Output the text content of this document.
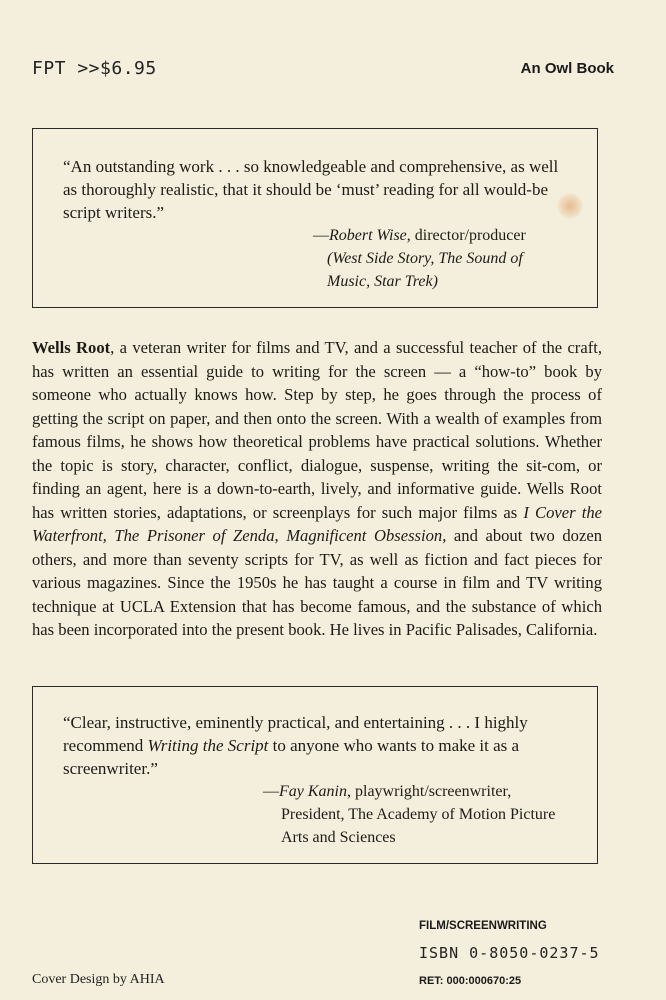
FPT >>$6.95	An Owl Book

“An outstanding work . . . so knowledgeable and comprehensive, as well as thoroughly realistic, that it should be ‘must’ reading for all would-be script writers.”

—Robert Wise, director/producer
(West Side Story, The Sound of Music, Star Trek)

Wells Root, a veteran writer for films and TV, and a successful teacher of the craft, has written an essential guide to writing for the screen — a “how-to” book by someone who actually knows how. Step by step, he goes through the process of getting the script on paper, and then onto the screen. With a wealth of examples from famous films, he shows how theoretical problems have practical solutions. Whether the topic is story, character, conflict, dialogue, suspense, writing the sit-com, or finding an agent, here is a down-to-earth, lively, and informative guide. Wells Root has written stories, adaptations, or screenplays for such major films as I Cover the Waterfront, The Prisoner of Zenda, Magnificent Obsession, and about two dozen others, and more than seventy scripts for TV, as well as fiction and fact pieces for various magazines. Since the 1950s he has taught a course in film and TV writing technique at UCLA Extension that has become famous, and the substance of which has been incorporated into the present book. He lives in Pacific Palisades, California.

“Clear, instructive, eminently practical, and entertaining . . . I highly recommend Writing the Script to anyone who wants to make it as a screenwriter.”

—Fay Kanin, playwright/screenwriter,
President, The Academy of Motion Picture
Arts and Sciences

FILM/SCREENWRITING
ISBN 0-8050-0237-5
Cover Design by AHIA	RET: 000:000670:25
